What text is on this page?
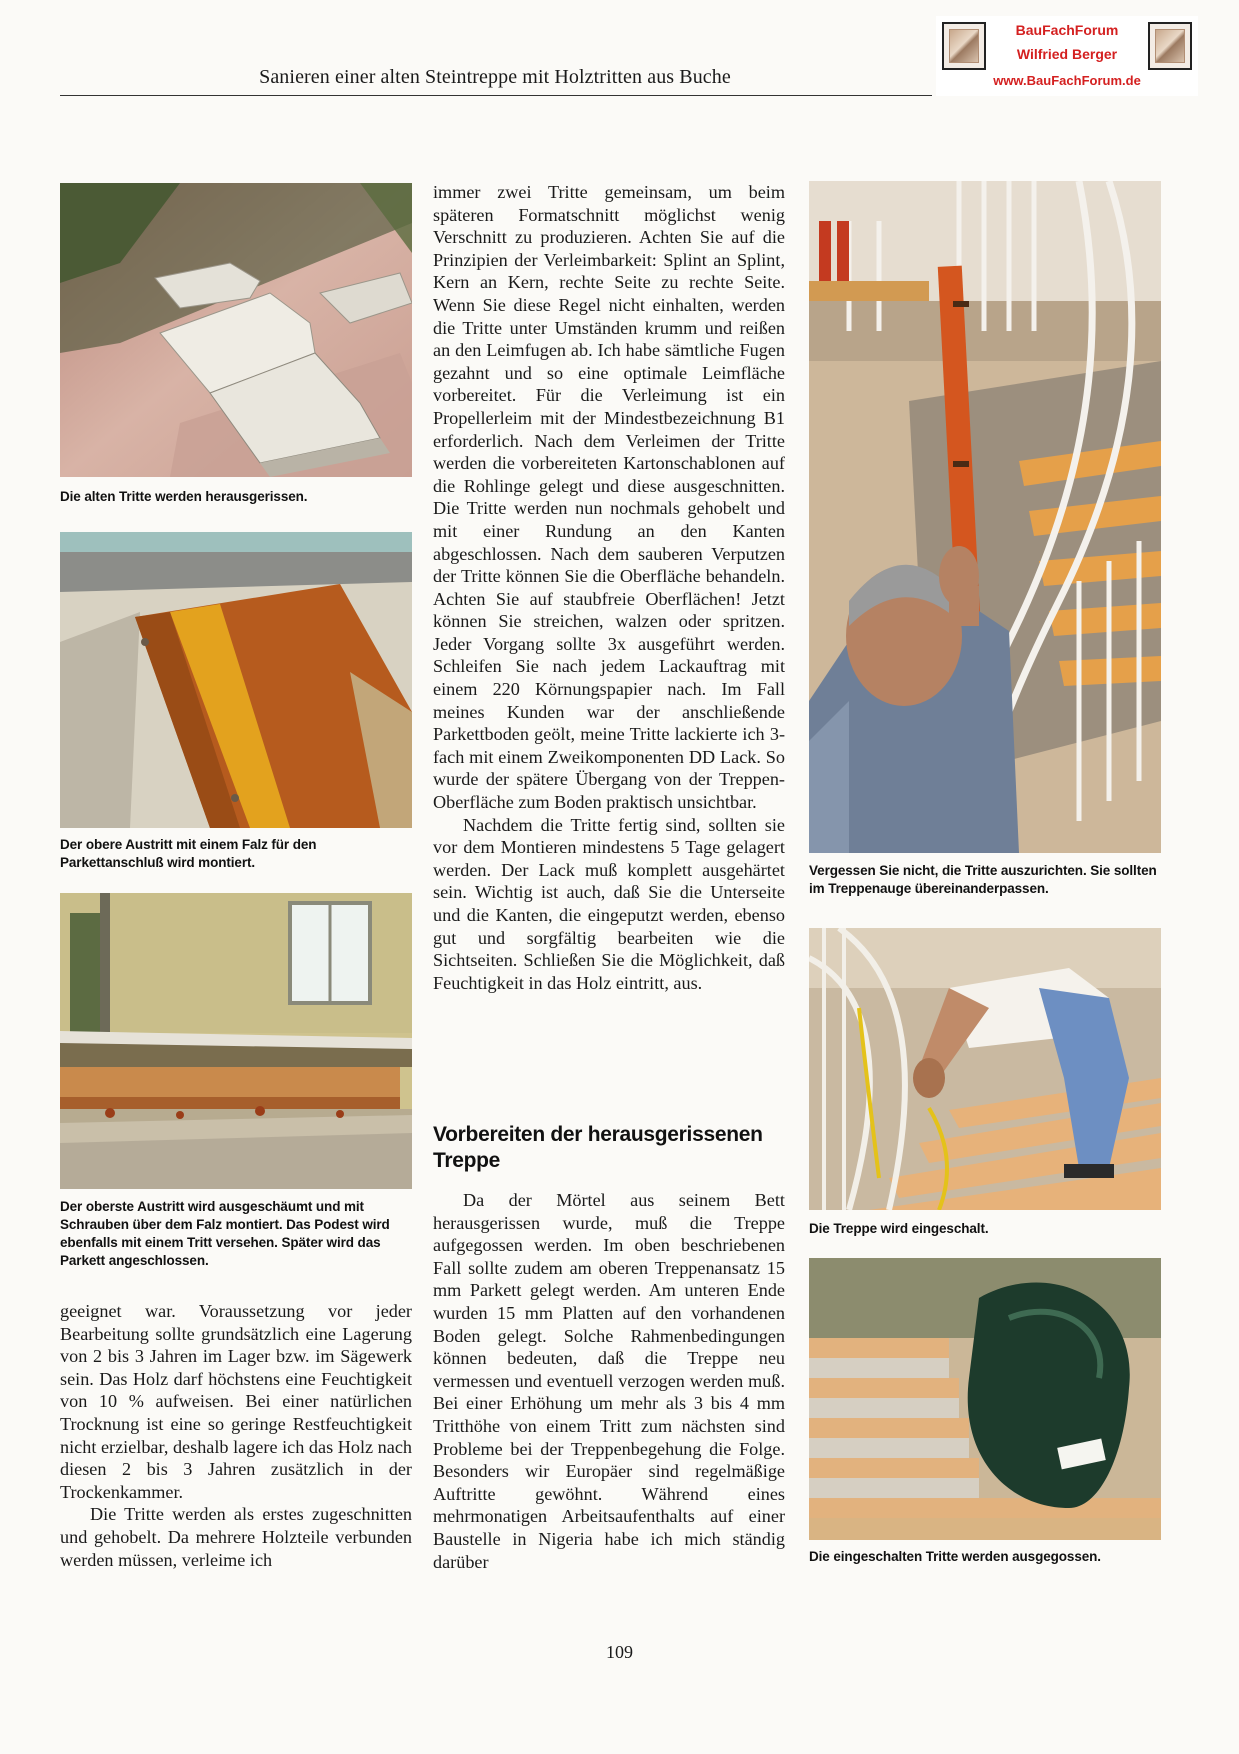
Sanieren einer alten Steintreppe mit Holztritten aus Buche
BauFachForum
Wilfried Berger
www.BauFachForum.de
Die alten Tritte werden herausgerissen.
Der obere Austritt mit einem Falz für den Parkettanschluß wird montiert.
Der oberste Austritt wird ausgeschäumt und mit Schrauben über dem Falz montiert. Das Podest wird ebenfalls mit einem Tritt versehen. Später wird das Parkett angeschlossen.

geeignet war. Voraussetzung vor jeder Bearbeitung sollte grundsätzlich eine Lagerung von 2 bis 3 Jahren im Lager bzw. im Sägewerk sein. Das Holz darf höchstens eine Feuchtigkeit von 10 % aufweisen. Bei einer natürlichen Trocknung ist eine so geringe Restfeuchtigkeit nicht erzielbar, deshalb lagere ich das Holz nach diesen 2 bis 3 Jahren zusätzlich in der Trockenkammer.

Die Tritte werden als erstes zugeschnitten und gehobelt. Da mehrere Holzteile verbunden werden müssen, verleime ich

immer zwei Tritte gemeinsam, um beim späteren Formatschnitt möglichst wenig Verschnitt zu produzieren. Achten Sie auf die Prinzipien der Verleimbarkeit: Splint an Splint, Kern an Kern, rechte Seite zu rechte Seite. Wenn Sie diese Regel nicht einhalten, werden die Tritte unter Umständen krumm und reißen an den Leimfugen ab. Ich habe sämtliche Fugen gezahnt und so eine optimale Leimfläche vorbereitet. Für die Verleimung ist ein Propellerleim mit der Mindestbezeichnung B1 erforderlich. Nach dem Verleimen der Tritte werden die vorbereiteten Kartonschablonen auf die Rohlinge gelegt und diese ausgeschnitten. Die Tritte werden nun nochmals gehobelt und mit einer Rundung an den Kanten abgeschlossen. Nach dem sauberen Verputzen der Tritte können Sie die Oberfläche behandeln. Achten Sie auf staubfreie Oberflächen! Jetzt können Sie streichen, walzen oder spritzen. Jeder Vorgang sollte 3x ausgeführt werden. Schleifen Sie nach jedem Lackauftrag mit einem 220 Körnungspapier nach. Im Fall meines Kunden war der anschließende Parkettboden geölt, meine Tritte lackierte ich 3-fach mit einem Zweikomponenten DD Lack. So wurde der spätere Übergang von der Treppen-Oberfläche zum Boden praktisch unsichtbar.

Nachdem die Tritte fertig sind, sollten sie vor dem Montieren mindestens 5 Tage gelagert werden. Der Lack muß komplett ausgehärtet sein. Wichtig ist auch, daß Sie die Unterseite und die Kanten, die eingeputzt werden, ebenso gut und sorgfältig bearbeiten wie die Sichtseiten. Schließen Sie die Möglichkeit, daß Feuchtigkeit in das Holz eintritt, aus.

Vorbereiten der herausgerissenen Treppe

Da der Mörtel aus seinem Bett herausgerissen wurde, muß die Treppe aufgegossen werden. Im oben beschriebenen Fall sollte zudem am oberen Treppenansatz 15 mm Parkett gelegt werden. Am unteren Ende wurden 15 mm Platten auf den vorhandenen Boden gelegt. Solche Rahmenbedingungen können bedeuten, daß die Treppe neu vermessen und eventuell verzogen werden muß. Bei einer Erhöhung um mehr als 3 bis 4 mm Tritthöhe von einem Tritt zum nächsten sind Probleme bei der Treppenbegehung die Folge. Besonders wir Europäer sind regelmäßige Auftritte gewöhnt. Während eines mehrmonatigen Arbeitsaufenthalts auf einer Baustelle in Nigeria habe ich mich ständig darüber

Vergessen Sie nicht, die Tritte auszurichten. Sie sollten im Treppenauge übereinanderpassen.
Die Treppe wird eingeschalt.
Die eingeschalten Tritte werden ausgegossen.
109
